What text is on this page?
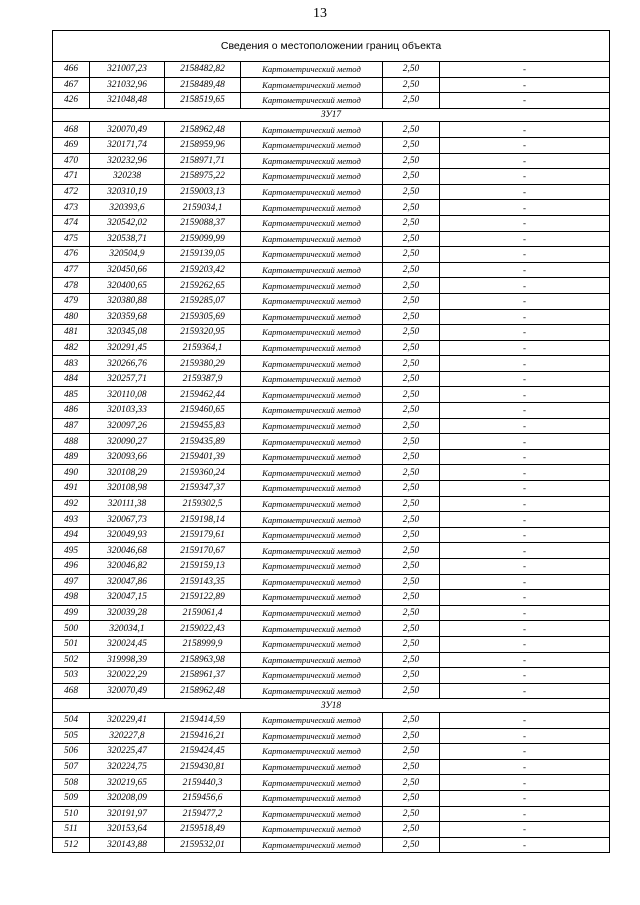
13
Сведения о местоположении границ объекта					
466	321007,23	2158482,82	Картометрический метод	2,50	-
467	321032,96	2158489,48	Картометрический метод	2,50	-
426	321048,48	2158519,65	Картометрический метод	2,50	-
ЗУ17					
468	320070,49	2158962,48	Картометрический метод	2,50	-
469	320171,74	2158959,96	Картометрический метод	2,50	-
470	320232,96	2158971,71	Картометрический метод	2,50	-
471	320238	2158975,22	Картометрический метод	2,50	-
472	320310,19	2159003,13	Картометрический метод	2,50	-
473	320393,6	2159034,1	Картометрический метод	2,50	-
474	320542,02	2159088,37	Картометрический метод	2,50	-
475	320538,71	2159099,99	Картометрический метод	2,50	-
476	320504,9	2159139,05	Картометрический метод	2,50	-
477	320450,66	2159203,42	Картометрический метод	2,50	-
478	320400,65	2159262,65	Картометрический метод	2,50	-
479	320380,88	2159285,07	Картометрический метод	2,50	-
480	320359,68	2159305,69	Картометрический метод	2,50	-
481	320345,08	2159320,95	Картометрический метод	2,50	-
482	320291,45	2159364,1	Картометрический метод	2,50	-
483	320266,76	2159380,29	Картометрический метод	2,50	-
484	320257,71	2159387,9	Картометрический метод	2,50	-
485	320110,08	2159462,44	Картометрический метод	2,50	-
486	320103,33	2159460,65	Картометрический метод	2,50	-
487	320097,26	2159455,83	Картометрический метод	2,50	-
488	320090,27	2159435,89	Картометрический метод	2,50	-
489	320093,66	2159401,39	Картометрический метод	2,50	-
490	320108,29	2159360,24	Картометрический метод	2,50	-
491	320108,98	2159347,37	Картометрический метод	2,50	-
492	320111,38	2159302,5	Картометрический метод	2,50	-
493	320067,73	2159198,14	Картометрический метод	2,50	-
494	320049,93	2159179,61	Картометрический метод	2,50	-
495	320046,68	2159170,67	Картометрический метод	2,50	-
496	320046,82	2159159,13	Картометрический метод	2,50	-
497	320047,86	2159143,35	Картометрический метод	2,50	-
498	320047,15	2159122,89	Картометрический метод	2,50	-
499	320039,28	2159061,4	Картометрический метод	2,50	-
500	320034,1	2159022,43	Картометрический метод	2,50	-
501	320024,45	2158999,9	Картометрический метод	2,50	-
502	319998,39	2158963,98	Картометрический метод	2,50	-
503	320022,29	2158961,37	Картометрический метод	2,50	-
468	320070,49	2158962,48	Картометрический метод	2,50	-
ЗУ18					
504	320229,41	2159414,59	Картометрический метод	2,50	-
505	320227,8	2159416,21	Картометрический метод	2,50	-
506	320225,47	2159424,45	Картометрический метод	2,50	-
507	320224,75	2159430,81	Картометрический метод	2,50	-
508	320219,65	2159440,3	Картометрический метод	2,50	-
509	320208,09	2159456,6	Картометрический метод	2,50	-
510	320191,97	2159477,2	Картометрический метод	2,50	-
511	320153,64	2159518,49	Картометрический метод	2,50	-
512	320143,88	2159532,01	Картометрический метод	2,50	-
